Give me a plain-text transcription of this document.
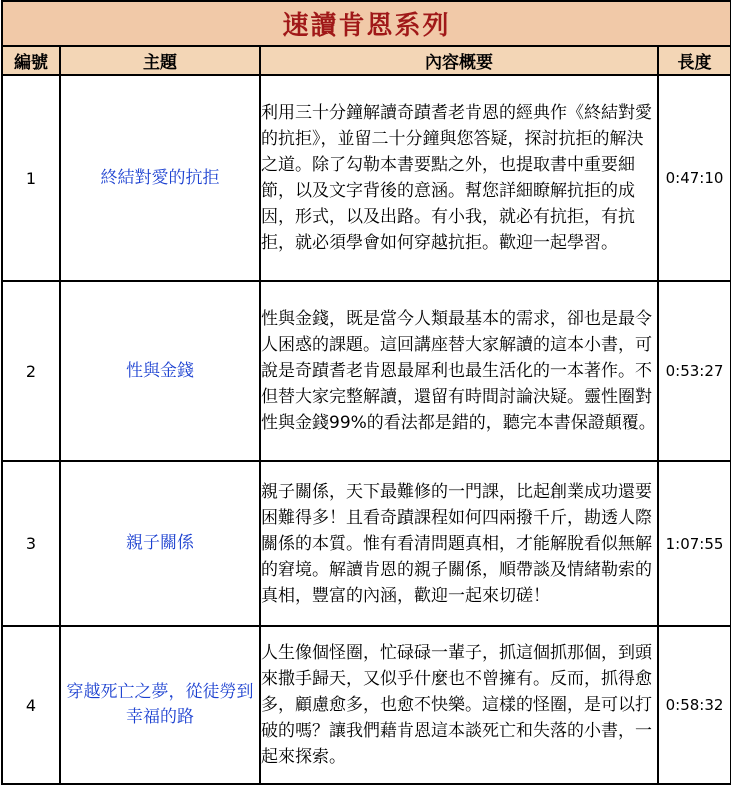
速讀肯恩系列			
編號	主題	內容概要	長度
1	終結對愛的抗拒	利用三十分鐘解讀奇蹟耆老肯恩的經典作《終結對愛的抗拒》，並留二十分鐘與您答疑，探討抗拒的解決之道。除了勾勒本書要點之外，也提取書中重要細節，以及文字背後的意涵。幫您詳細瞭解抗拒的成因，形式，以及出路。有小我，就必有抗拒，有抗拒，就必須學會如何穿越抗拒。歡迎一起學習。	0:47:10
2	性與金錢	性與金錢，既是當今人類最基本的需求，卻也是最令人困惑的課題。這回講座替大家解讀的這本小書，可說是奇蹟耆老肯恩最犀利也最生活化的一本著作。不但替大家完整解讀，還留有時間討論決疑。靈性圈對性與金錢99%的看法都是錯的，聽完本書保證顛覆。	0:53:27
3	親子關係	親子關係，天下最難修的一門課，比起創業成功還要困難得多！且看奇蹟課程如何四兩撥千斤，勘透人際關係的本質。惟有看清問題真相，才能解脫看似無解的窘境。解讀肯恩的親子關係，順帶談及情緒勒索的真相，豐富的內涵，歡迎一起來切磋！	1:07:55
4	穿越死亡之夢，從徒勞到幸福的路	人生像個怪圈，忙碌碌一輩子，抓這個抓那個，到頭來撒手歸天，又似乎什麼也不曾擁有。反而，抓得愈多，顧慮愈多，也愈不快樂。這樣的怪圈，是可以打破的嗎？讓我們藉肯恩這本談死亡和失落的小書，一起來探索。	0:58:32
